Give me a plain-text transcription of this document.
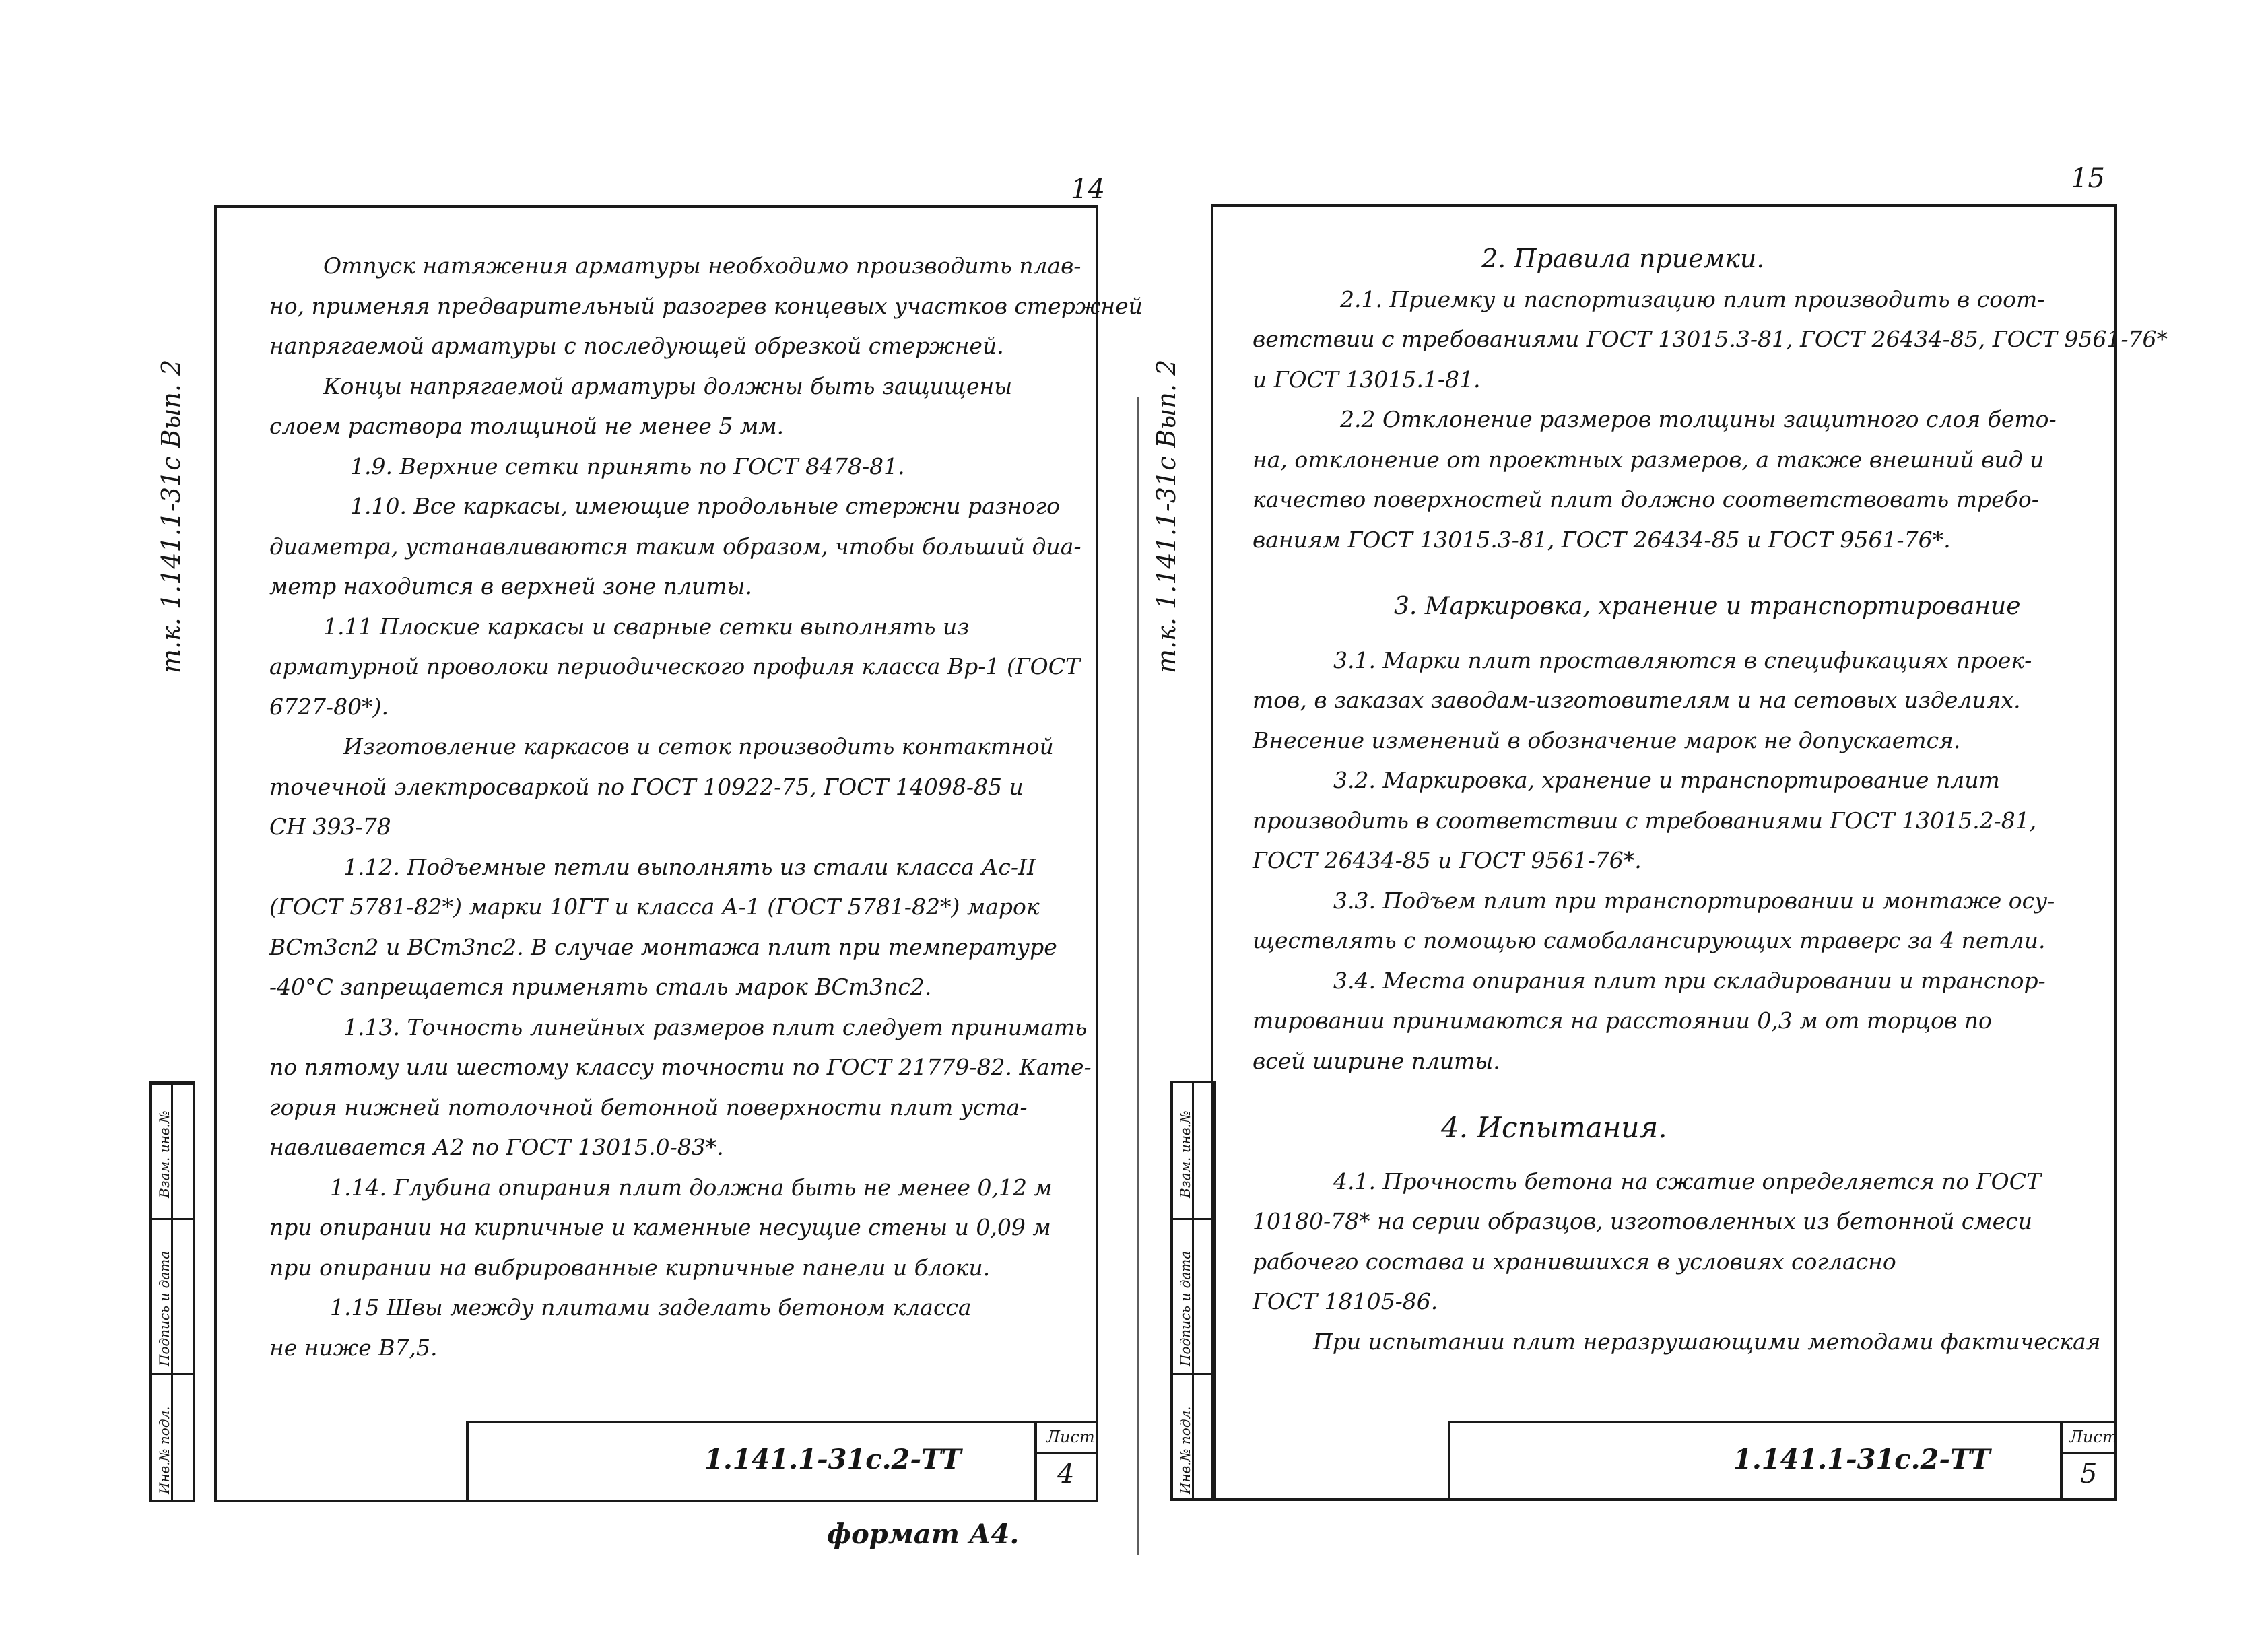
14
т.к. 1.141.1-31с Вып. 2

Отпуск натяжения арматуры необходимо производить плав-

но, применяя предварительный разогрев концевых участков стержней

напрягаемой арматуры с последующей обрезкой стержней.

Концы напрягаемой арматуры должны быть защищены

слоем раствора толщиной не менее 5 мм.

1.9. Верхние сетки принять по ГОСТ 8478-81.

1.10. Все каркасы, имеющие продольные стержни разного

диаметра, устанавливаются таким образом, чтобы больший диа-

метр находится в верхней зоне плиты.

1.11 Плоские каркасы и сварные сетки выполнять из

арматурной проволоки периодического профиля класса Вр-1 (ГОСТ

6727-80*).

Изготовление каркасов и сеток производить контактной

точечной электросваркой по ГОСТ 10922-75, ГОСТ 14098-85 и

СН 393-78

1.12. Подъемные петли выполнять из стали класса Ас-II

(ГОСТ 5781-82*) марки 10ГТ и класса А-1 (ГОСТ 5781-82*) марок

ВСт3сп2 и ВСт3пс2. В случае монтажа плит при температуре

-40°С запрещается применять сталь марок ВСт3пс2.

1.13. Точность линейных размеров плит следует принимать

по пятому или шестому классу точности по ГОСТ 21779-82. Кате-

гория нижней потолочной бетонной поверхности плит уста-

навливается А2 по ГОСТ 13015.0-83*.

1.14. Глубина опирания плит должна быть не менее 0,12 м

при опирании на кирпичные и каменные несущие стены и 0,09 м

при опирании на вибрированные кирпичные панели и блоки.

1.15 Швы между плитами заделать бетоном класса

не ниже В7,5.

1.141.1-31с.2-ТТ
Лист
4
Взам. инв.№
Подпись и дата
Инв.№ подл.
формат А4.
15
т.к. 1.141.1-31с Вып. 2

2. Правила приемки.

2.1. Приемку и паспортизацию плит производить в соот-

ветствии с требованиями ГОСТ 13015.3-81, ГОСТ 26434-85, ГОСТ 9561-76*

и ГОСТ 13015.1-81.

2.2 Отклонение размеров толщины защитного слоя бето-

на, отклонение от проектных размеров, а также внешний вид и

качество поверхностей плит должно соответствовать требо-

ваниям ГОСТ 13015.3-81, ГОСТ 26434-85 и ГОСТ 9561-76*.

3. Маркировка, хранение и транспортирование

3.1. Марки плит проставляются в спецификациях проек-

тов, в заказах заводам-изготовителям и на сетовых изделиях.

Внесение изменений в обозначение марок не допускается.

3.2. Маркировка, хранение и транспортирование плит

производить в соответствии с требованиями ГОСТ 13015.2-81,

ГОСТ 26434-85 и ГОСТ 9561-76*.

3.3. Подъем плит при транспортировании и монтаже осу-

ществлять с помощью самобалансирующих траверс за 4 петли.

3.4. Места опирания плит при складировании и транспор-

тировании принимаются на расстоянии 0,3 м от торцов по

всей ширине плиты.

4. Испытания.

4.1. Прочность бетона на сжатие определяется по ГОСТ

10180-78* на серии образцов, изготовленных из бетонной смеси

рабочего состава и хранившихся в условиях согласно

ГОСТ 18105-86.

При испытании плит неразрушающими методами фактическая

1.141.1-31с.2-ТТ
Лист
5
Взам. инв.№
Подпись и дата
Инв.№ подл.
